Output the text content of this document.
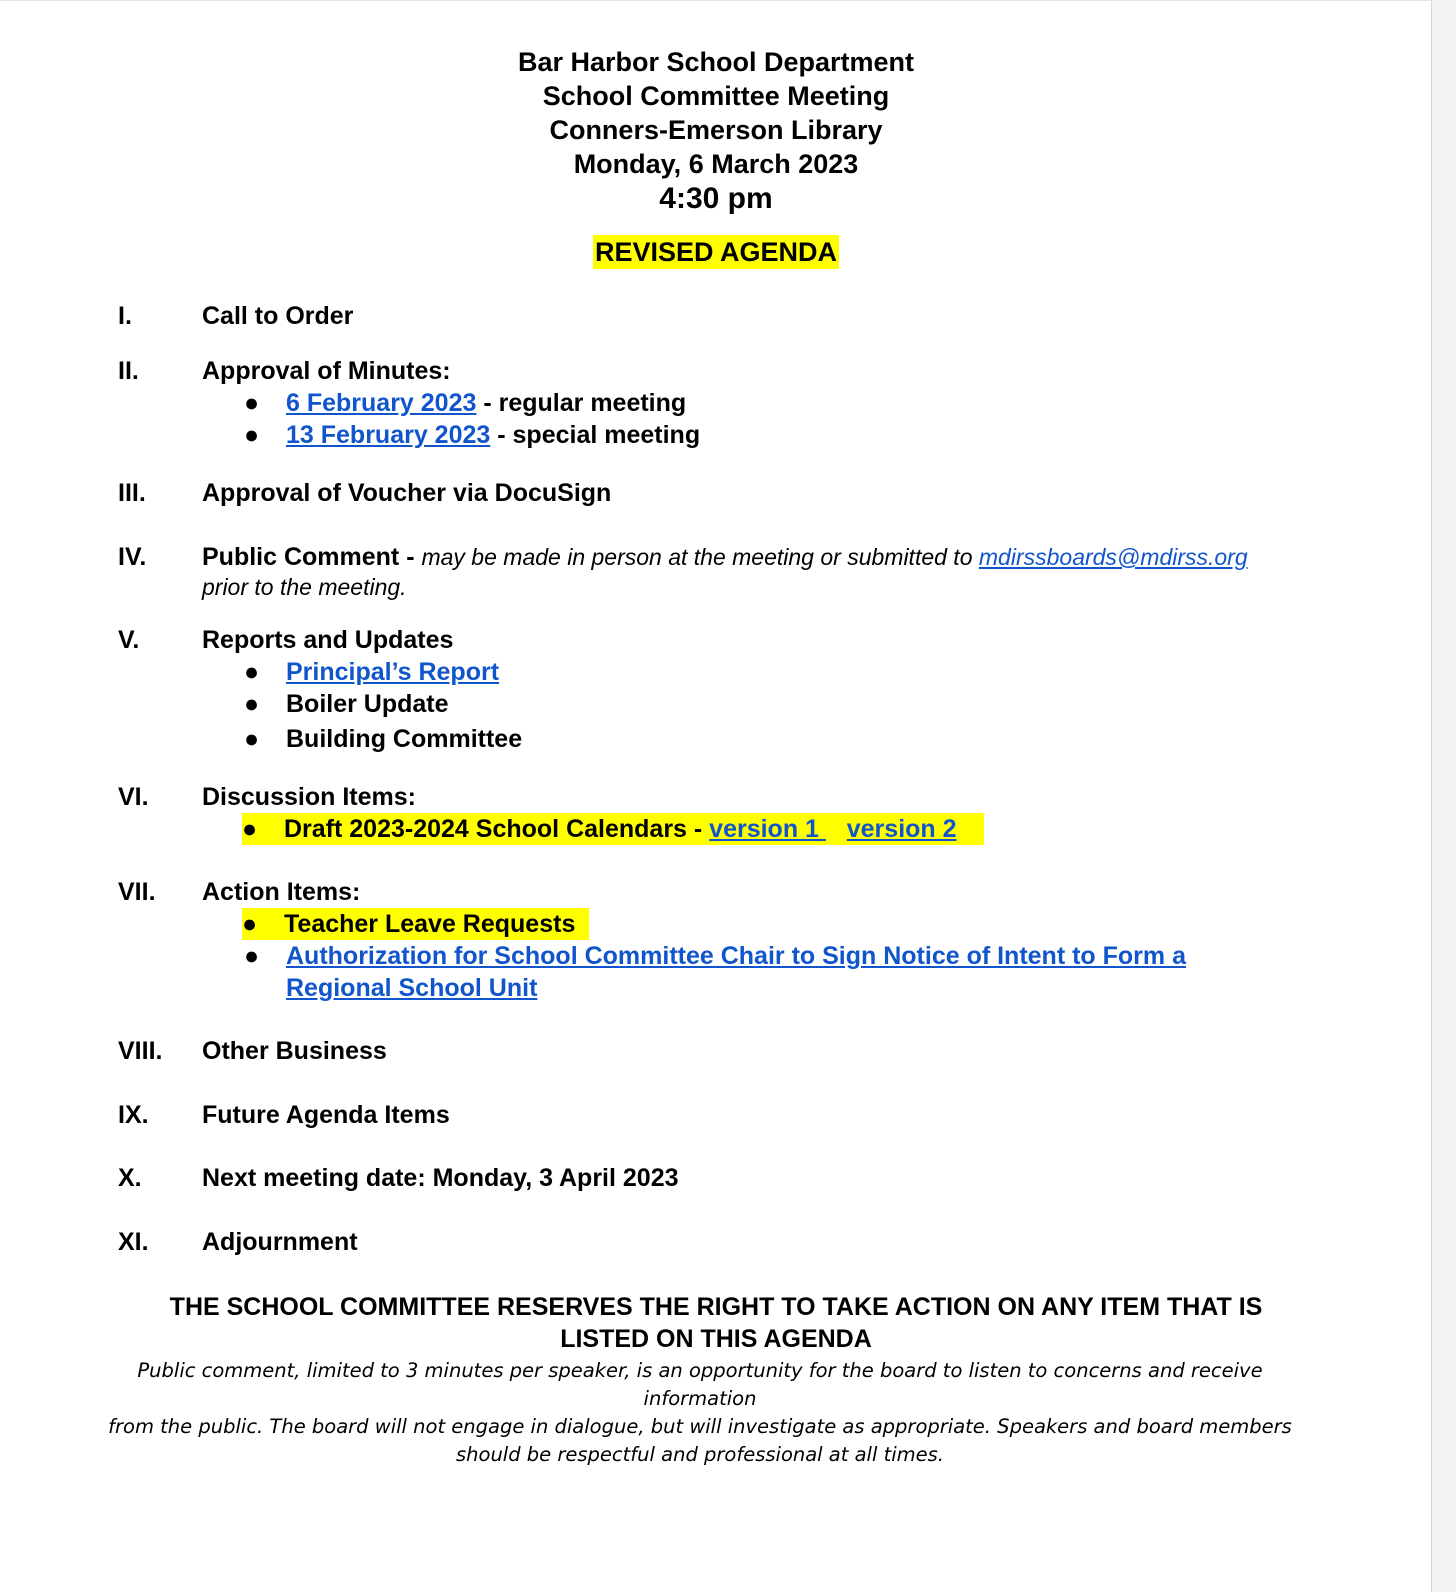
Bar Harbor School Department
School Committee Meeting
Conners-Emerson Library
Monday, 6 March 2023
4:30 pm
REVISED AGENDA
I.	Call to Order
II.	Approval of Minutes:
●	6 February 2023 - regular meeting
●	13 February 2023 - special meeting
III.	Approval of Voucher via DocuSign
IV.	Public Comment - may be made in person at the meeting or submitted to mdirssboards@mdirss.org
prior to the meeting.
V.	Reports and Updates
●	Principal’s Report
●	Boiler Update
●	Building Committee
VI.	Discussion Items:
●	Draft 2023-2024 School Calendars - version 1    version 2
VII.	Action Items:
●	Teacher Leave Requests
●	Authorization for School Committee Chair to Sign Notice of Intent to Form a
Regional School Unit
VIII.	Other Business
IX.	Future Agenda Items
X.	Next meeting date: Monday, 3 April 2023
XI.	Adjournment
THE SCHOOL COMMITTEE RESERVES THE RIGHT TO TAKE ACTION ON ANY ITEM THAT IS
LISTED ON THIS AGENDA
Public comment, limited to 3 minutes per speaker, is an opportunity for the board to listen to concerns and receive information
from the public. The board will not engage in dialogue, but will investigate as appropriate. Speakers and board members
should be respectful and professional at all times.
